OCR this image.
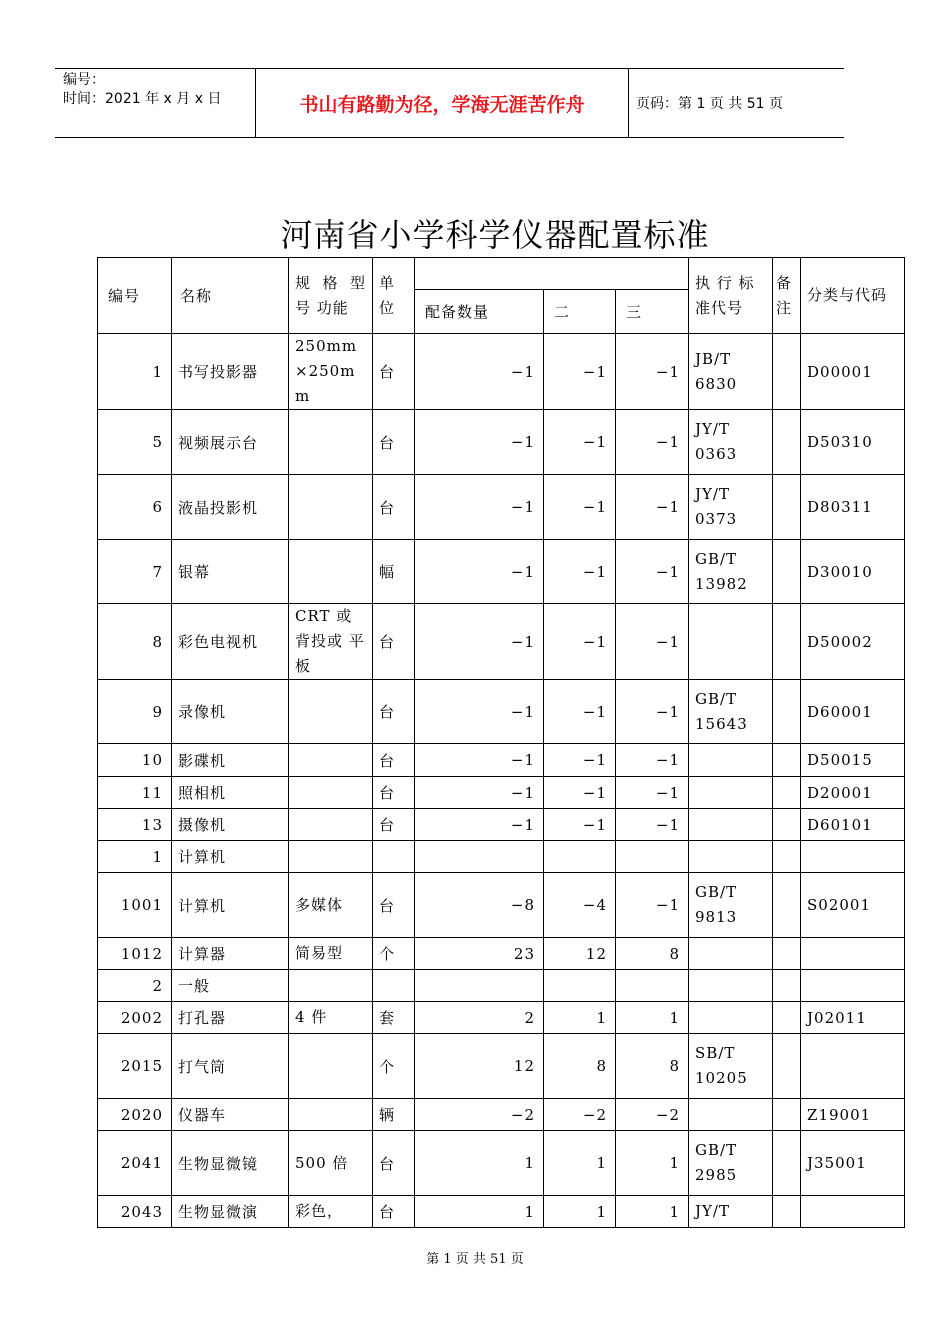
编号：
时间：2021 年 x 月 x 日	书山有路勤为径，学海无涯苦作舟	页码：第 1 页 共 51 页
河南省小学科学仪器配置标准
编号	名称	规 格 型 号 功能	单位				执 行 标 准代号	备注	分类与代码
				配备数量	二	三			
1	书写投影器	250mm ×250m m	台	−1	−1	−1	JB/T 6830		D00001
5	视频展示台		台	−1	−1	−1	JY/T 0363		D50310
6	液晶投影机		台	−1	−1	−1	JY/T 0373		D80311
7	银幕		幅	−1	−1	−1	GB/T 13982		D30010
8	彩色电视机	CRT 或 背投或 平板	台	−1	−1	−1			D50002
9	录像机		台	−1	−1	−1	GB/T 15643		D60001
10	影碟机		台	−1	−1	−1			D50015
11	照相机		台	−1	−1	−1			D20001
13	摄像机		台	−1	−1	−1			D60101
1	计算机								
1001	计算机	多媒体	台	−8	−4	−1	GB/T 9813		S02001
1012	计算器	简易型	个	23	12	8			
2	一般								
2002	打孔器	4 件	套	2	1	1			J02011
2015	打气筒		个	12	8	8	SB/T 10205		
2020	仪器车		辆	−2	−2	−2			Z19001
2041	生物显微镜	500 倍	台	1	1	1	GB/T 2985		J35001
2043	生物显微演	彩色，	台	1	1	1	JY/T		
第 1 页 共 51 页
